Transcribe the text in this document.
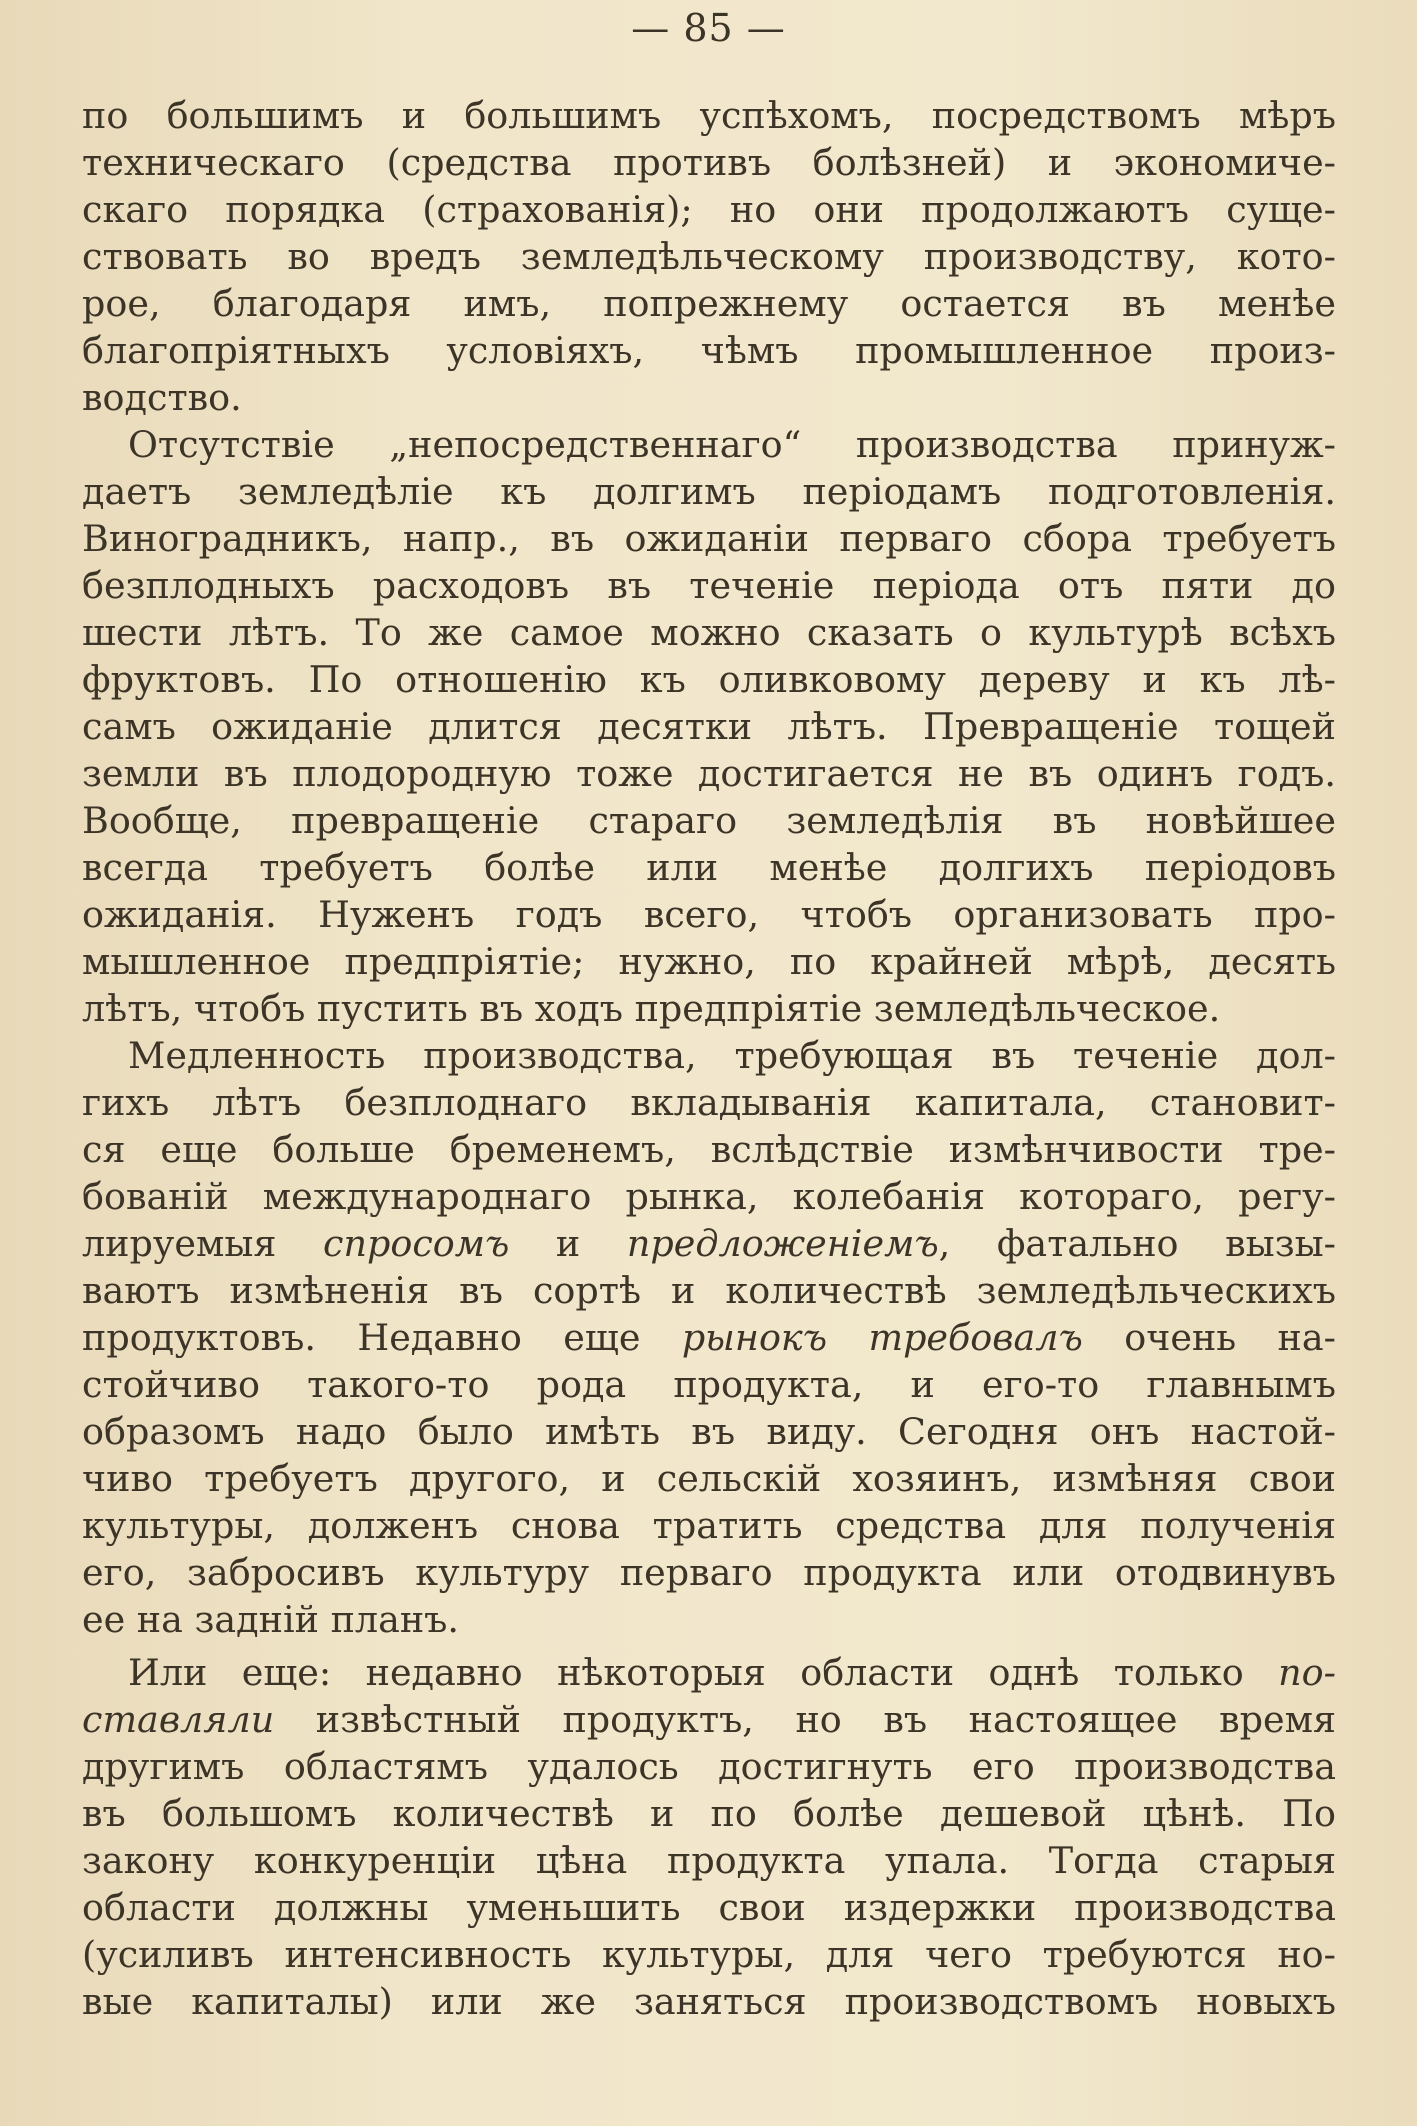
— 85 —
по большимъ и большимъ успѣхомъ, посредствомъ мѣръ
техническаго (средства противъ болѣзней) и экономиче-
скаго порядка (страхованія); но они продолжаютъ суще-
ствовать во вредъ земледѣльческому производству, кото-
рое, благодаря имъ, попрежнему остается въ менѣе
благопріятныхъ условіяхъ, чѣмъ промышленное произ-
водство.
Отсутствіе „непосредственнаго“ производства принуж-
даетъ земледѣліе къ долгимъ періодамъ подготовленія.
Виноградникъ, напр., въ ожиданіи перваго сбора требуетъ
безплодныхъ расходовъ въ теченіе періода отъ пяти до
шести лѣтъ. То же самое можно сказать о культурѣ всѣхъ
фруктовъ. По отношенію къ оливковому дереву и къ лѣ-
самъ ожиданіе длится десятки лѣтъ. Превращеніе тощей
земли въ плодородную тоже достигается не въ одинъ годъ.
Вообще, превращеніе стараго земледѣлія въ новѣйшее
всегда требуетъ болѣе или менѣе долгихъ періодовъ
ожиданія. Нуженъ годъ всего, чтобъ организовать про-
мышленное предпріятіе; нужно, по крайней мѣрѣ, десять
лѣтъ, чтобъ пустить въ ходъ предпріятіе земледѣльческое.
Медленность производства, требующая въ теченіе дол-
гихъ лѣтъ безплоднаго вкладыванія капитала, становит-
ся еще больше бременемъ, вслѣдствіе измѣнчивости тре-
бованій международнаго рынка, колебанія котораго, регу-
лируемыя спросомъ и предложеніемъ, фатально вызы-
ваютъ измѣненія въ сортѣ и количествѣ земледѣльческихъ
продуктовъ. Недавно еще рынокъ требовалъ очень на-
стойчиво такого-то рода продукта, и его-то главнымъ
образомъ надо было имѣть въ виду. Сегодня онъ настой-
чиво требуетъ другого, и сельскій хозяинъ, измѣняя свои
культуры, долженъ снова тратить средства для полученія
его, забросивъ культуру перваго продукта или отодвинувъ
ее на задній планъ.
Или еще: недавно нѣкоторыя области однѣ только по-
ставляли извѣстный продуктъ, но въ настоящее время
другимъ областямъ удалось достигнуть его производства
въ большомъ количествѣ и по болѣе дешевой цѣнѣ. По
закону конкуренціи цѣна продукта упала. Тогда старыя
области должны уменьшить свои издержки производства
(усиливъ интенсивность культуры, для чего требуются но-
вые капиталы) или же заняться производствомъ новыхъ
